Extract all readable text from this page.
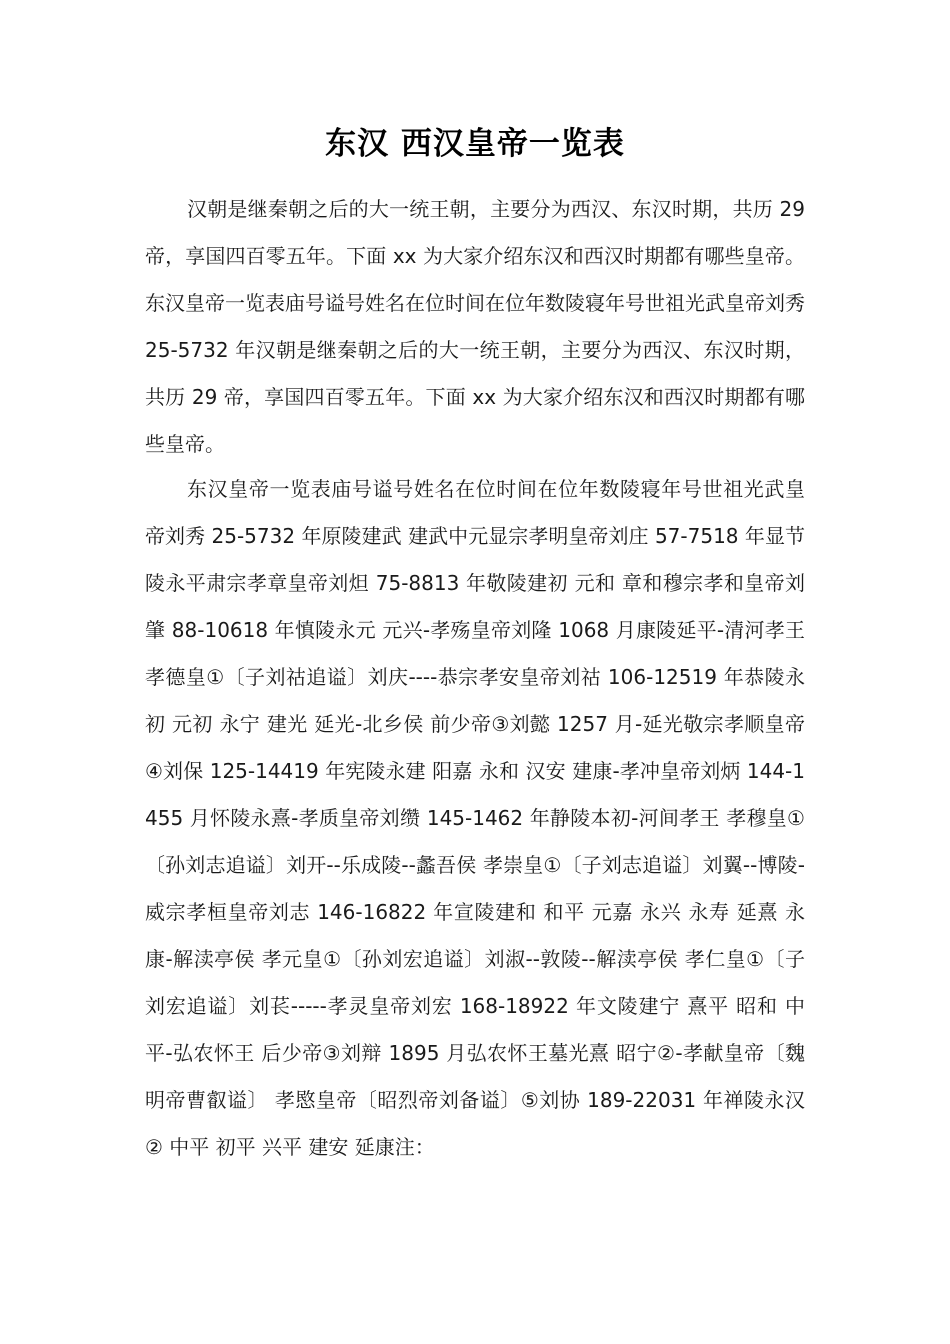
东汉 西汉皇帝一览表

汉朝是继秦朝之后的大一统王朝，主要分为西汉、东汉时期，共历 29 帝，享国四百零五年。下面 xx 为大家介绍东汉和西汉时期都有哪些皇帝。东汉皇帝一览表庙号谥号姓名在位时间在位年数陵寝年号世祖光武皇帝刘秀 25-5732 年汉朝是继秦朝之后的大一统王朝，主要分为西汉、东汉时期，共历 29 帝，享国四百零五年。下面 xx 为大家介绍东汉和西汉时期都有哪些皇帝。

东汉皇帝一览表庙号谥号姓名在位时间在位年数陵寝年号世祖光武皇帝刘秀 25-5732 年原陵建武 建武中元显宗孝明皇帝刘庄 57-7518 年显节陵永平肃宗孝章皇帝刘炟 75-8813 年敬陵建初 元和 章和穆宗孝和皇帝刘肇 88-10618 年慎陵永元 元兴-孝殇皇帝刘隆 1068 月康陵延平-清河孝王 孝德皇①〔子刘祜追谥〕刘庆----恭宗孝安皇帝刘祜 106-12519 年恭陵永初 元初 永宁 建光 延光-北乡侯 前少帝③刘懿 1257 月-延光敬宗孝顺皇帝④刘保 125-14419 年宪陵永建 阳嘉 永和 汉安 建康-孝冲皇帝刘炳 144-1455 月怀陵永熹-孝质皇帝刘缵 145-1462 年静陵本初-河间孝王 孝穆皇①〔孙刘志追谥〕刘开--乐成陵--蠡吾侯 孝崇皇①〔子刘志追谥〕刘翼--博陵-威宗孝桓皇帝刘志 146-16822 年宣陵建和 和平 元嘉 永兴 永寿 延熹 永康-解渎亭侯 孝元皇①〔孙刘宏追谥〕刘淑--敦陵--解渎亭侯 孝仁皇①〔子刘宏追谥〕刘苌-----孝灵皇帝刘宏 168-18922 年文陵建宁 熹平 昭和 中平-弘农怀王 后少帝③刘辩 1895 月弘农怀王墓光熹 昭宁②-孝献皇帝〔魏明帝曹叡谥〕 孝愍皇帝〔昭烈帝刘备谥〕⑤刘协 189-22031 年禅陵永汉② 中平 初平 兴平 建安 延康注：
